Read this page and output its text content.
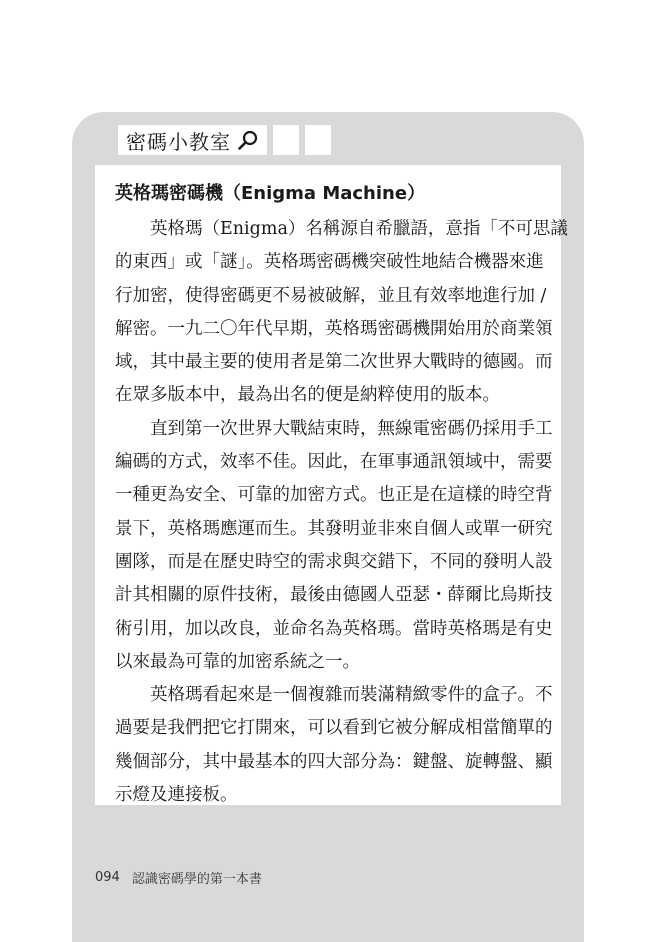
密碼小教室
英格瑪密碼機（Enigma Machine）
英格瑪（Enigma）名稱源自希臘語，意指「不可思議
的東西」或「謎」。英格瑪密碼機突破性地結合機器來進
行加密，使得密碼更不易被破解，並且有效率地進行加 /
解密。一九二〇年代早期，英格瑪密碼機開始用於商業領
域，其中最主要的使用者是第二次世界大戰時的德國。而
在眾多版本中，最為出名的便是納粹使用的版本。
直到第一次世界大戰結束時，無線電密碼仍採用手工
編碼的方式，效率不佳。因此，在軍事通訊領域中，需要
一種更為安全、可靠的加密方式。也正是在這樣的時空背
景下，英格瑪應運而生。其發明並非來自個人或單一研究
團隊，而是在歷史時空的需求與交錯下，不同的發明人設
計其相關的原件技術，最後由德國人亞瑟・薛爾比烏斯技
術引用，加以改良，並命名為英格瑪。當時英格瑪是有史
以來最為可靠的加密系統之一。
英格瑪看起來是一個複雜而裝滿精緻零件的盒子。不
過要是我們把它打開來，可以看到它被分解成相當簡單的
幾個部分，其中最基本的四大部分為：鍵盤、旋轉盤、顯
示燈及連接板。
094 認識密碼學的第一本書
